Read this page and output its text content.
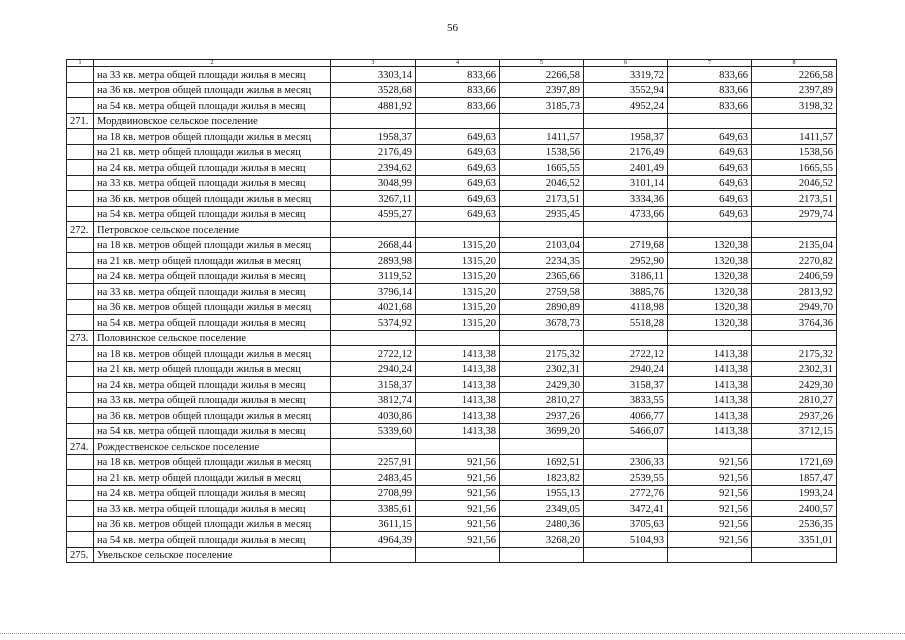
56
1	2	3	4	5	6	7	8
	на 33 кв. метра общей площади жилья в месяц	3303,14	833,66	2266,58	3319,72	833,66	2266,58
	на 36 кв. метров общей площади жилья в месяц	3528,68	833,66	2397,89	3552,94	833,66	2397,89
	на 54 кв. метра общей площади жилья в месяц	4881,92	833,66	3185,73	4952,24	833,66	3198,32
271.	Мордвиновское сельское поселение						
	на 18 кв. метров общей площади жилья в месяц	1958,37	649,63	1411,57	1958,37	649,63	1411,57
	на 21 кв. метр общей площади жилья в месяц	2176,49	649,63	1538,56	2176,49	649,63	1538,56
	на 24 кв. метра общей площади жилья в месяц	2394,62	649,63	1665,55	2401,49	649,63	1665,55
	на 33 кв. метра общей площади жилья в месяц	3048,99	649,63	2046,52	3101,14	649,63	2046,52
	на 36 кв. метров общей площади жилья в месяц	3267,11	649,63	2173,51	3334,36	649,63	2173,51
	на 54 кв. метра общей площади жилья в месяц	4595,27	649,63	2935,45	4733,66	649,63	2979,74
272.	Петровское сельское поселение						
	на 18 кв. метров общей площади жилья в месяц	2668,44	1315,20	2103,04	2719,68	1320,38	2135,04
	на 21 кв. метр общей площади жилья в месяц	2893,98	1315,20	2234,35	2952,90	1320,38	2270,82
	на 24 кв. метра общей площади жилья в месяц	3119,52	1315,20	2365,66	3186,11	1320,38	2406,59
	на 33 кв. метра общей площади жилья в месяц	3796,14	1315,20	2759,58	3885,76	1320,38	2813,92
	на 36 кв. метров общей площади жилья в месяц	4021,68	1315,20	2890,89	4118,98	1320,38	2949,70
	на 54 кв. метра общей площади жилья в месяц	5374,92	1315,20	3678,73	5518,28	1320,38	3764,36
273.	Половинское сельское поселение						
	на 18 кв. метров общей площади жилья в месяц	2722,12	1413,38	2175,32	2722,12	1413,38	2175,32
	на 21 кв. метр общей площади жилья в месяц	2940,24	1413,38	2302,31	2940,24	1413,38	2302,31
	на 24 кв. метра общей площади жилья в месяц	3158,37	1413,38	2429,30	3158,37	1413,38	2429,30
	на 33 кв. метра общей площади жилья в месяц	3812,74	1413,38	2810,27	3833,55	1413,38	2810,27
	на 36 кв. метров общей площади жилья в месяц	4030,86	1413,38	2937,26	4066,77	1413,38	2937,26
	на 54 кв. метра общей площади жилья в месяц	5339,60	1413,38	3699,20	5466,07	1413,38	3712,15
274.	Рождественское сельское поселение						
	на 18 кв. метров общей площади жилья в месяц	2257,91	921,56	1692,51	2306,33	921,56	1721,69
	на 21 кв. метр общей площади жилья в месяц	2483,45	921,56	1823,82	2539,55	921,56	1857,47
	на 24 кв. метра общей площади жилья в месяц	2708,99	921,56	1955,13	2772,76	921,56	1993,24
	на 33 кв. метра общей площади жилья в месяц	3385,61	921,56	2349,05	3472,41	921,56	2400,57
	на 36 кв. метров общей площади жилья в месяц	3611,15	921,56	2480,36	3705,63	921,56	2536,35
	на 54 кв. метра общей площади жилья в месяц	4964,39	921,56	3268,20	5104,93	921,56	3351,01
275.	Увельское сельское поселение						
